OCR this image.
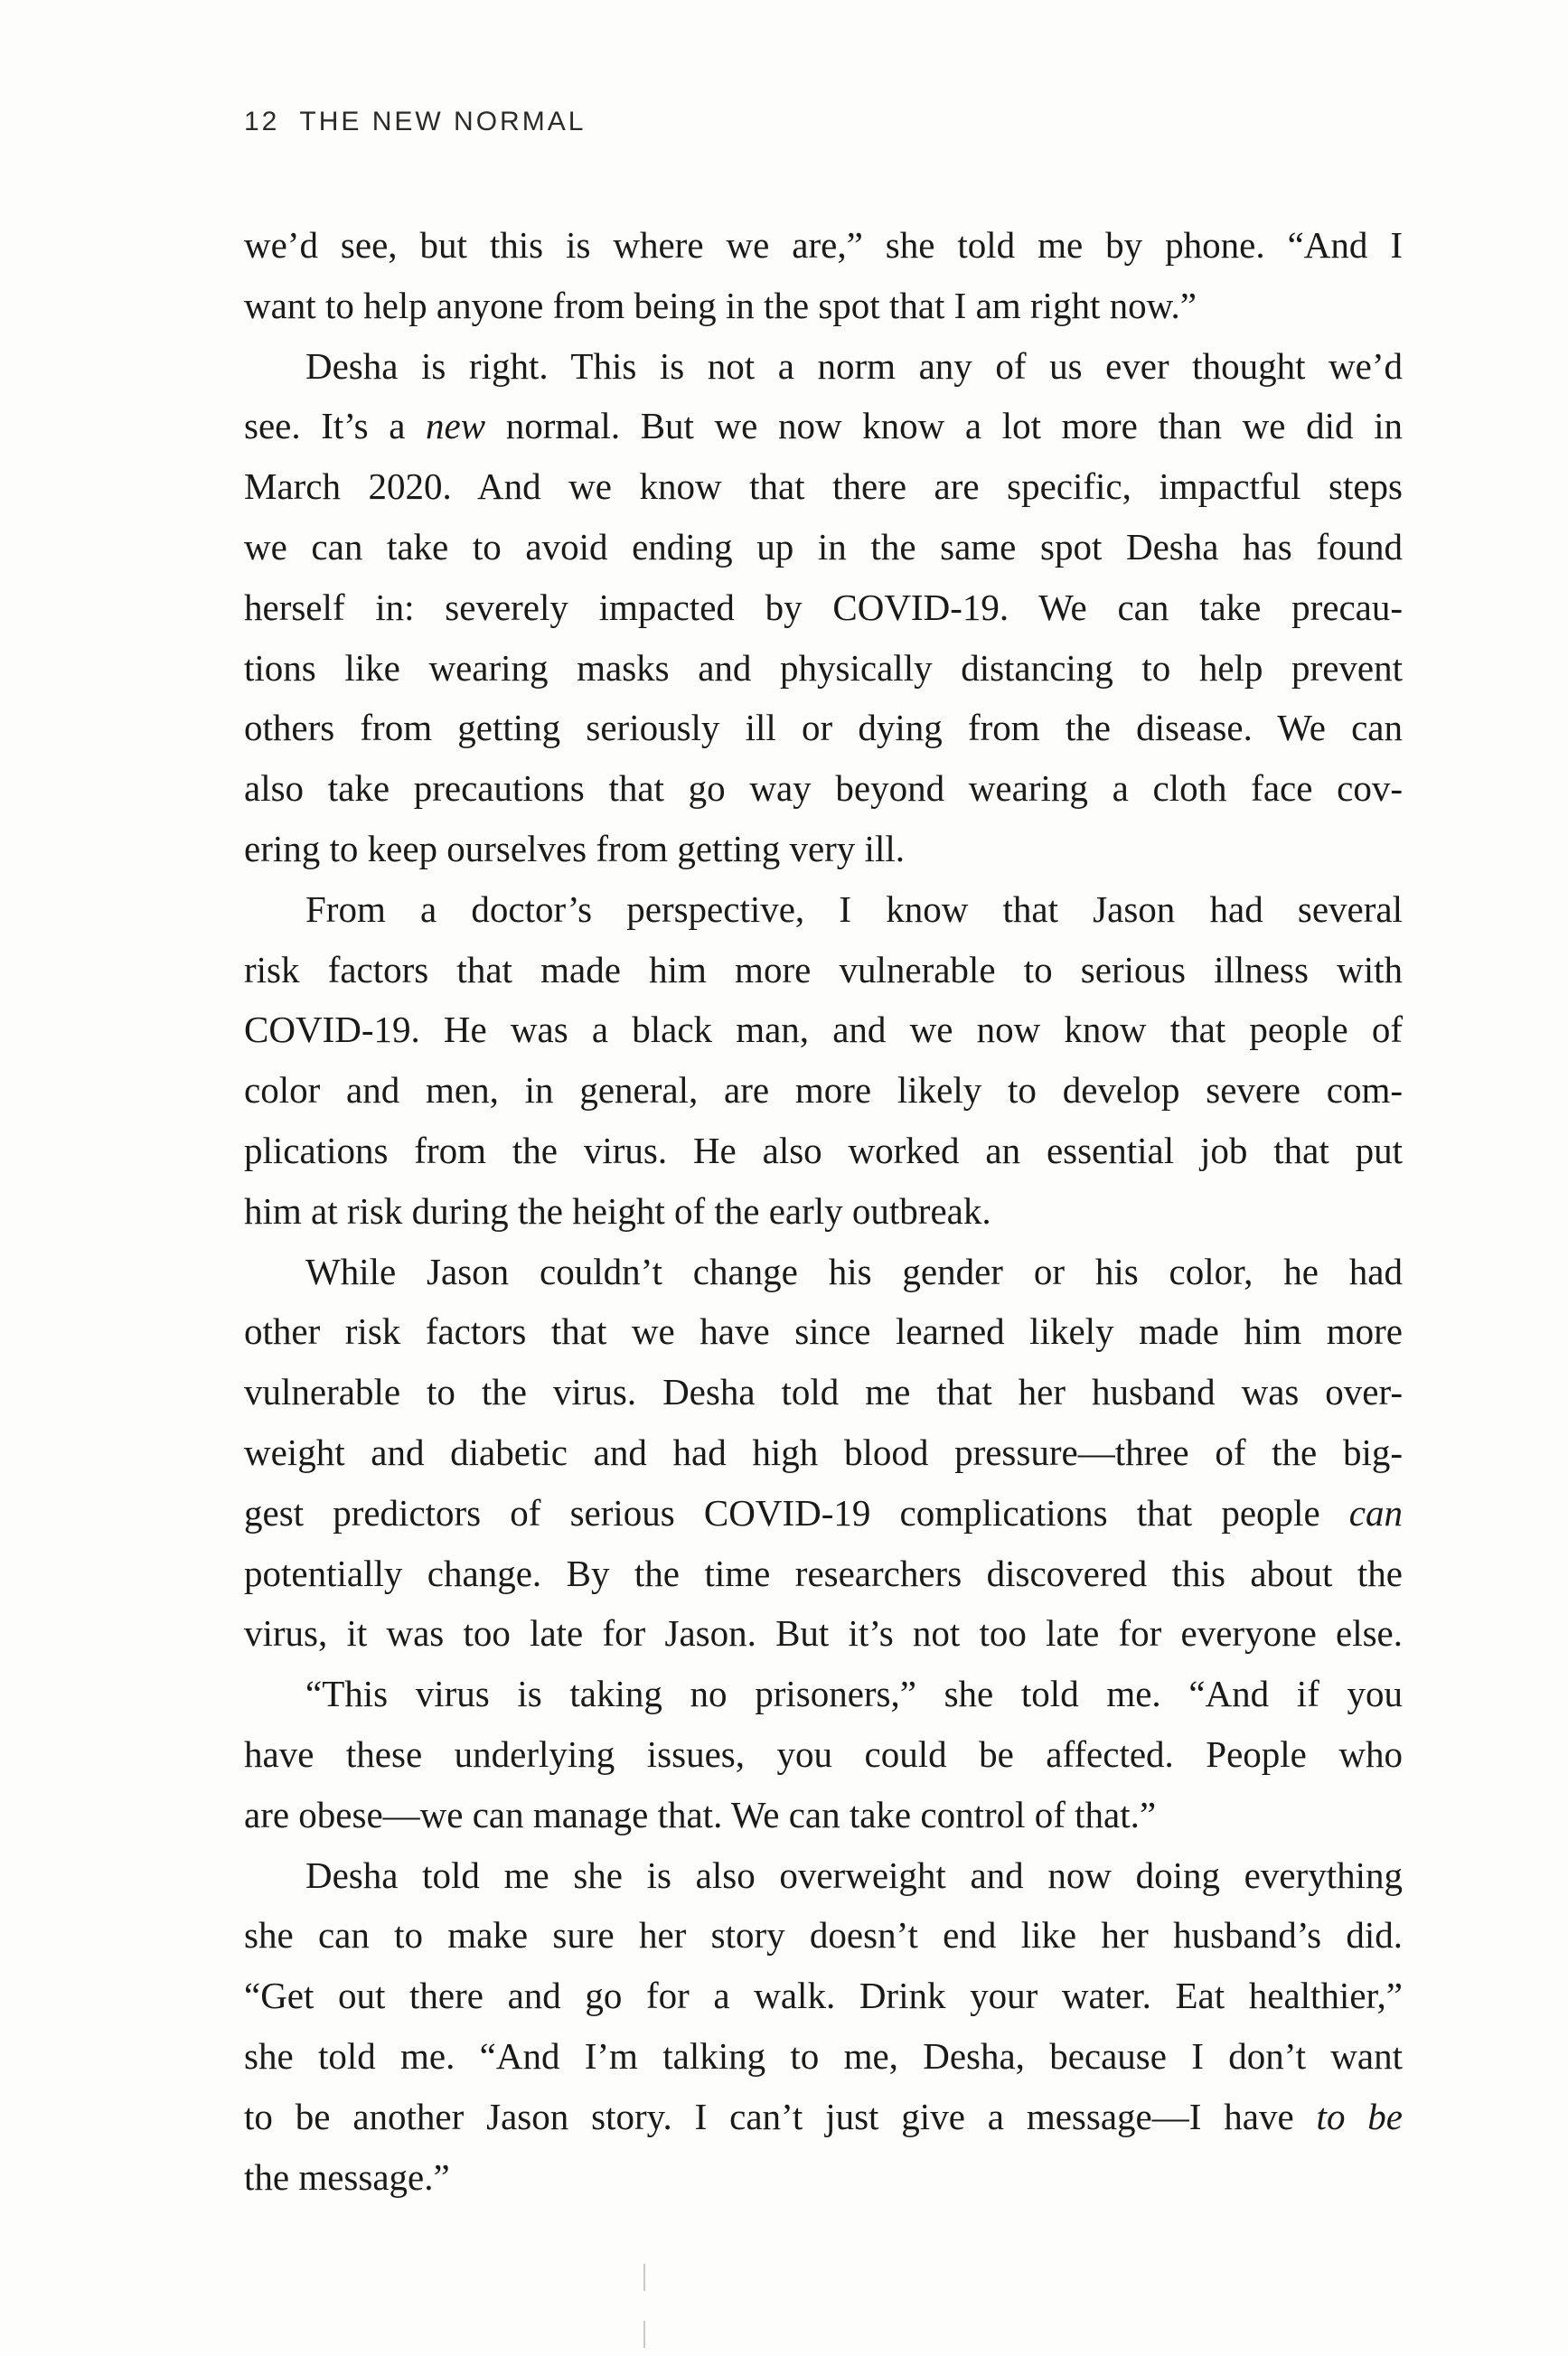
12 THE NEW NORMAL
we’d see, but this is where we are,” she told me by phone. “And I
want to help anyone from being in the spot that I am right now.”
Desha is right. This is not a norm any of us ever thought we’d
see. It’s a new normal. But we now know a lot more than we did in
March 2020. And we know that there are specific, impactful steps
we can take to avoid ending up in the same spot Desha has found
herself in: severely impacted by COVID-19. We can take precau-
tions like wearing masks and physically distancing to help prevent
others from getting seriously ill or dying from the disease. We can
also take precautions that go way beyond wearing a cloth face cov-
ering to keep ourselves from getting very ill.
From a doctor’s perspective, I know that Jason had several
risk factors that made him more vulnerable to serious illness with
COVID-19. He was a black man, and we now know that people of
color and men, in general, are more likely to develop severe com-
plications from the virus. He also worked an essential job that put
him at risk during the height of the early outbreak.
While Jason couldn’t change his gender or his color, he had
other risk factors that we have since learned likely made him more
vulnerable to the virus. Desha told me that her husband was over-
weight and diabetic and had high blood pressure—three of the big-
gest predictors of serious COVID-19 complications that people can
potentially change. By the time researchers discovered this about the
virus, it was too late for Jason. But it’s not too late for everyone else.
“This virus is taking no prisoners,” she told me. “And if you
have these underlying issues, you could be affected. People who
are obese—we can manage that. We can take control of that.”
Desha told me she is also overweight and now doing everything
she can to make sure her story doesn’t end like her husband’s did.
“Get out there and go for a walk. Drink your water. Eat healthier,”
she told me. “And I’m talking to me, Desha, because I don’t want
to be another Jason story. I can’t just give a message—I have to be
the message.”
